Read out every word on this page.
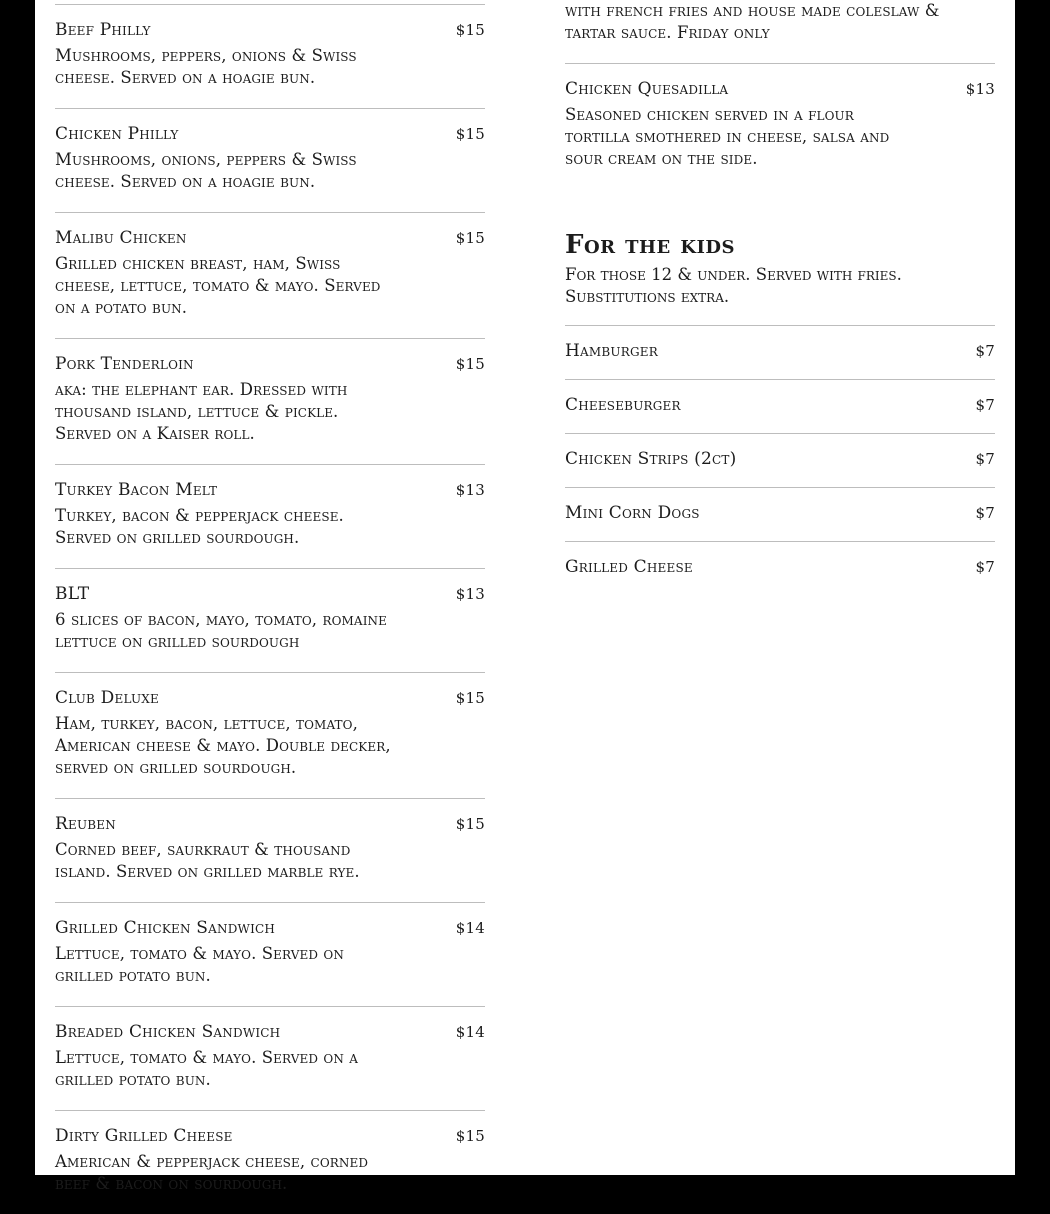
Beef Philly	$15
Mushrooms, peppers, onions & Swiss cheese. Served on a hoagie bun.
Chicken Philly	$15
Mushrooms, onions, peppers & Swiss cheese. Served on a hoagie bun.
Malibu Chicken	$15
Grilled chicken breast, ham, Swiss cheese, lettuce, tomato & mayo. Served on a potato bun.
Pork Tenderloin	$15
aka: the elephant ear. Dressed with thousand island, lettuce & pickle. Served on a Kaiser roll.
Turkey Bacon Melt	$13
Turkey, bacon & pepperjack cheese. Served on grilled sourdough.
BLT	$13
6 slices of bacon, mayo, tomato, romaine lettuce on grilled sourdough
Club Deluxe	$15
Ham, turkey, bacon, lettuce, tomato, American cheese & mayo. Double decker, served on grilled sourdough.
Reuben	$15
Corned beef, saurkraut & thousand island. Served on grilled marble rye.
Grilled Chicken Sandwich	$14
Lettuce, tomato & mayo. Served on grilled potato bun.
Breaded Chicken Sandwich	$14
Lettuce, tomato & mayo. Served on a grilled potato bun.
Dirty Grilled Cheese	$15
American & pepperjack cheese, corned beef & bacon on sourdough.
with french fries and house made coleslaw & tartar sauce. Friday only
Chicken Quesadilla	$13
Seasoned chicken served in a flour tortilla smothered in cheese, salsa and sour cream on the side.
For the kids
For those 12 & under. Served with fries. Substitutions extra.
Hamburger	$7
Cheeseburger	$7
Chicken Strips (2ct)	$7
Mini Corn Dogs	$7
Grilled Cheese	$7
